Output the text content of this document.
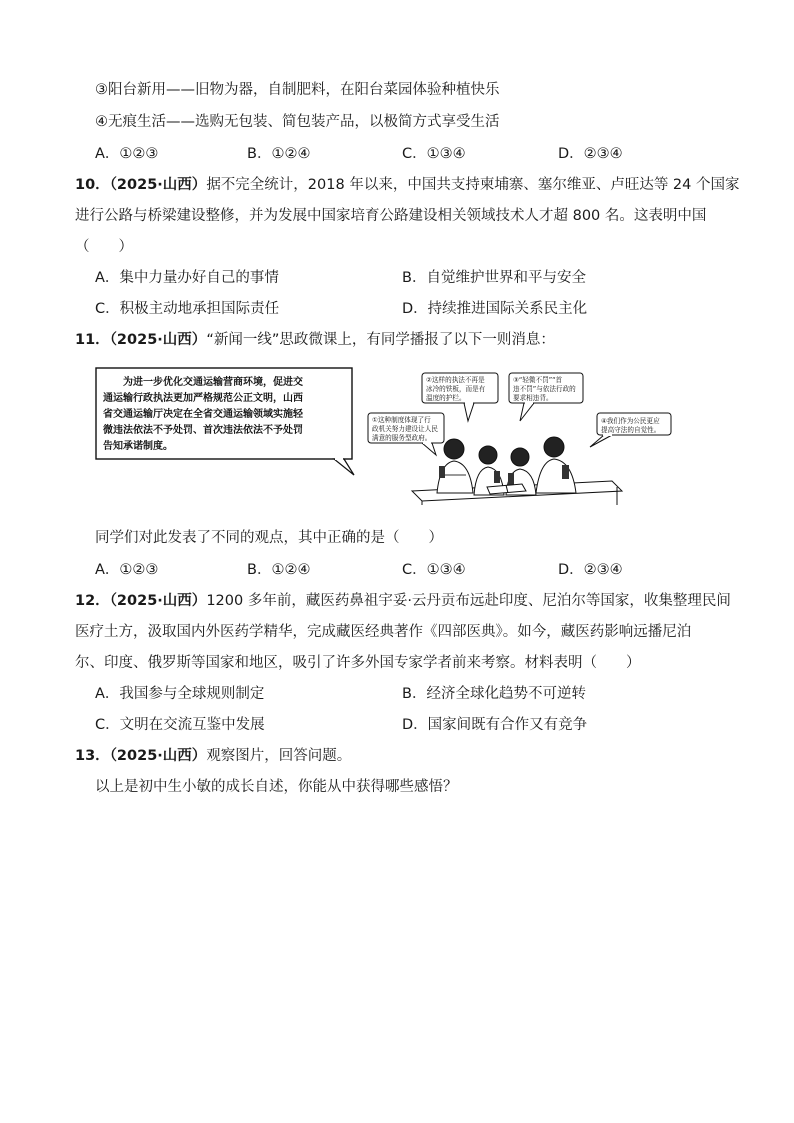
③阳台新用——旧物为器，自制肥料，在阳台菜园体验种植快乐
④无痕生活——选购无包装、简包装产品，以极简方式享受生活
A．①②③	B．①②④	C．①③④	D．②③④
10．（2025·山西）据不完全统计，2018 年以来，中国共支持柬埔寨、塞尔维亚、卢旺达等 24 个国家
进行公路与桥梁建设整修，并为发展中国家培育公路建设相关领域技术人才超 800 名。这表明中国
（　　）
A．集中力量办好自己的事情	B．自觉维护世界和平与安全
C．积极主动地承担国际责任	D．持续推进国际关系民主化
11．（2025·山西）“新闻一线”思政微课上，有同学播报了以下一则消息：
为进一步优化交通运输营商环境，促进交
通运输行政执法更加严格规范公正文明，山西
省交通运输厅决定在全省交通运输领域实施轻
微违法依法不予处罚、首次违法依法不予处罚
告知承诺制度。
②这样的执法不再是
冰冷的铁板，而是有
温度的护栏。
③“轻微不罚”“首
违不罚”与依法行政的
要求相违背。
①这种制度体现了行
政机关努力建设让人民
满意的服务型政府。
④我们作为公民更应
提高守法的自觉性。
同学们对此发表了不同的观点，其中正确的是（　　）
A．①②③	B．①②④	C．①③④	D．②③④
12．（2025·山西）1200 多年前，藏医药鼻祖宇妥·云丹贡布远赴印度、尼泊尔等国家，收集整理民间
医疗土方，汲取国内外医药学精华，完成藏医经典著作《四部医典》。如今，藏医药影响远播尼泊
尔、印度、俄罗斯等国家和地区，吸引了许多外国专家学者前来考察。材料表明（　　）
A．我国参与全球规则制定	B．经济全球化趋势不可逆转
C．文明在交流互鉴中发展	D．国家间既有合作又有竞争
13．（2025·山西）观察图片，回答问题。
以上是初中生小敏的成长自述，你能从中获得哪些感悟？
